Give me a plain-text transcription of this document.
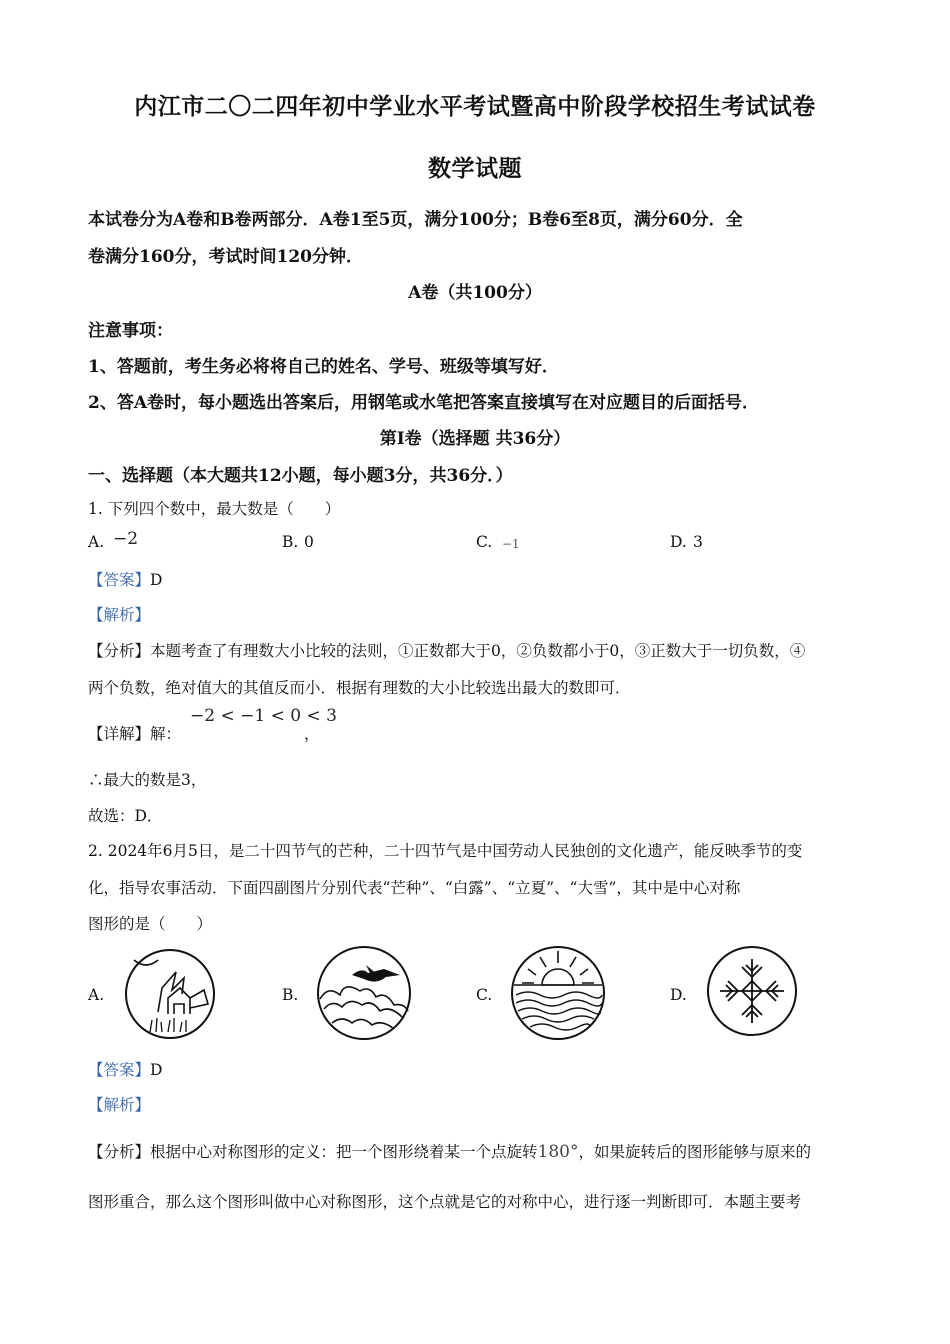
内江市二〇二四年初中学业水平考试暨高中阶段学校招生考试试卷
数学试题
本试卷分为A卷和B卷两部分．A卷1至5页，满分100分；B卷6至8页，满分60分．全
卷满分160分，考试时间120分钟．
A卷（共100分）
注意事项：
1、答题前，考生务必将将自己的姓名、学号、班级等填写好．
2、答A卷时，每小题选出答案后，用钢笔或水笔把答案直接填写在对应题目的后面括号．
第Ⅰ卷（选择题 共36分）
一、选择题（本大题共12小题，每小题3分，共36分．）
1. 下列四个数中，最大数是（　　）
A. −2	B. 0	C. −1	D. 3
【答案】D
【解析】
【分析】本题考查了有理数大小比较的法则，①正数都大于0，②负数都小于0，③正数大于一切负数，④
两个负数，绝对值大的其值反而小．根据有理数的大小比较选出最大的数即可．
【详解】解：
−2 < −1 < 0 < 3
，
∴最大的数是3，
故选：D．
2. 2024年6月5日，是二十四节气的芒种，二十四节气是中国劳动人民独创的文化遗产，能反映季节的变
化，指导农事活动．下面四副图片分别代表“芒种”、“白露”、“立夏”、“大雪”，其中是中心对称
图形的是（　　）
A.	B.	C.	D.
【答案】D
【解析】
【分析】根据中心对称图形的定义：把一个图形绕着某一个点旋转180°，如果旋转后的图形能够与原来的
图形重合，那么这个图形叫做中心对称图形，这个点就是它的对称中心，进行逐一判断即可．本题主要考
